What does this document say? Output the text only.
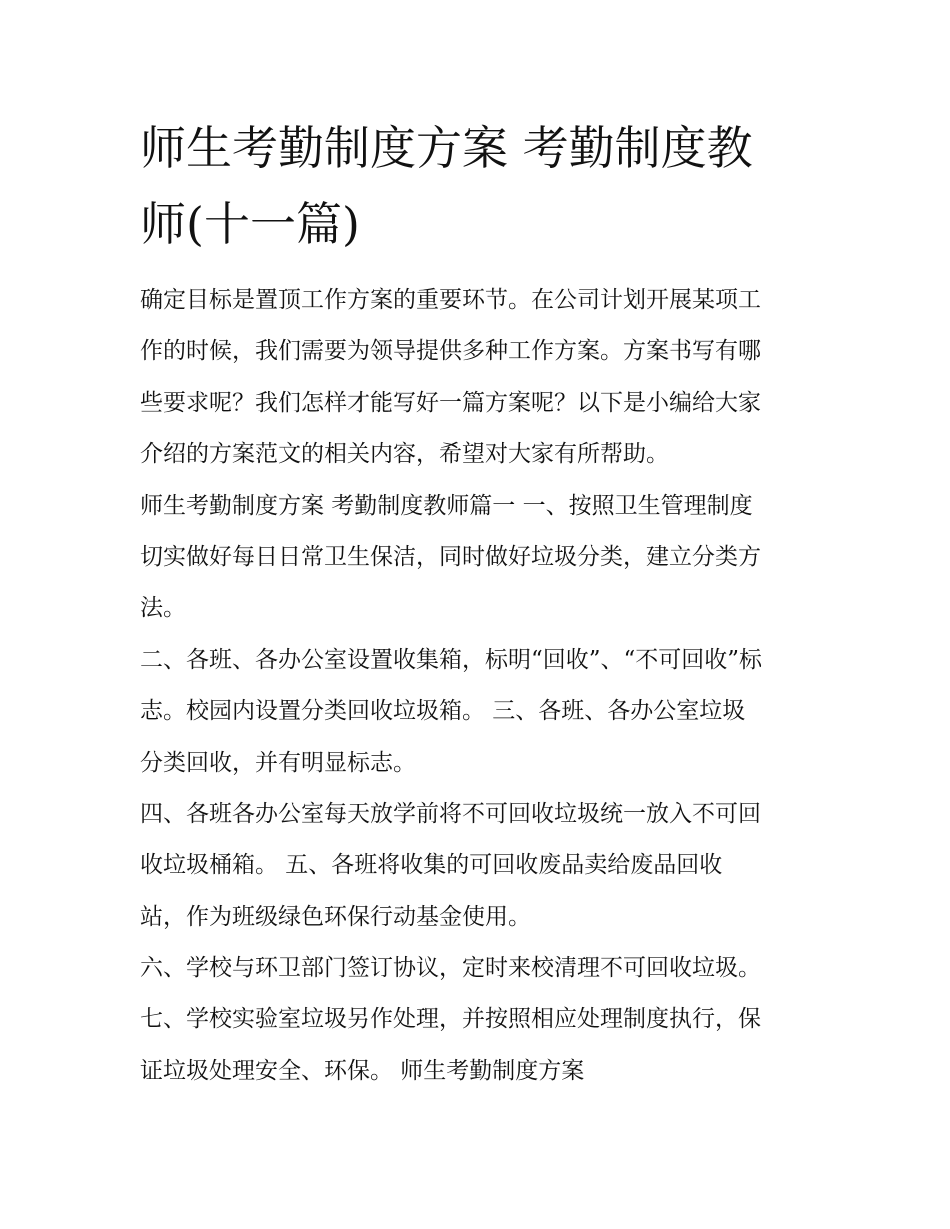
师生考勤制度方案 考勤制度教
师(十一篇)
确定目标是置顶工作方案的重要环节。在公司计划开展某项工
作的时候，我们需要为领导提供多种工作方案。方案书写有哪
些要求呢？我们怎样才能写好一篇方案呢？以下是小编给大家
介绍的方案范文的相关内容，希望对大家有所帮助。
师生考勤制度方案 考勤制度教师篇一 一、按照卫生管理制度
切实做好每日日常卫生保洁，同时做好垃圾分类，建立分类方
法。
二、各班、各办公室设置收集箱，标明“回收”、“不可回收”标
志。校园内设置分类回收垃圾箱。 三、各班、各办公室垃圾
分类回收，并有明显标志。
四、各班各办公室每天放学前将不可回收垃圾统一放入不可回
收垃圾桶箱。 五、各班将收集的可回收废品卖给废品回收
站，作为班级绿色环保行动基金使用。
六、学校与环卫部门签订协议，定时来校清理不可回收垃圾。
七、学校实验室垃圾另作处理，并按照相应处理制度执行，保
证垃圾处理安全、环保。 师生考勤制度方案
